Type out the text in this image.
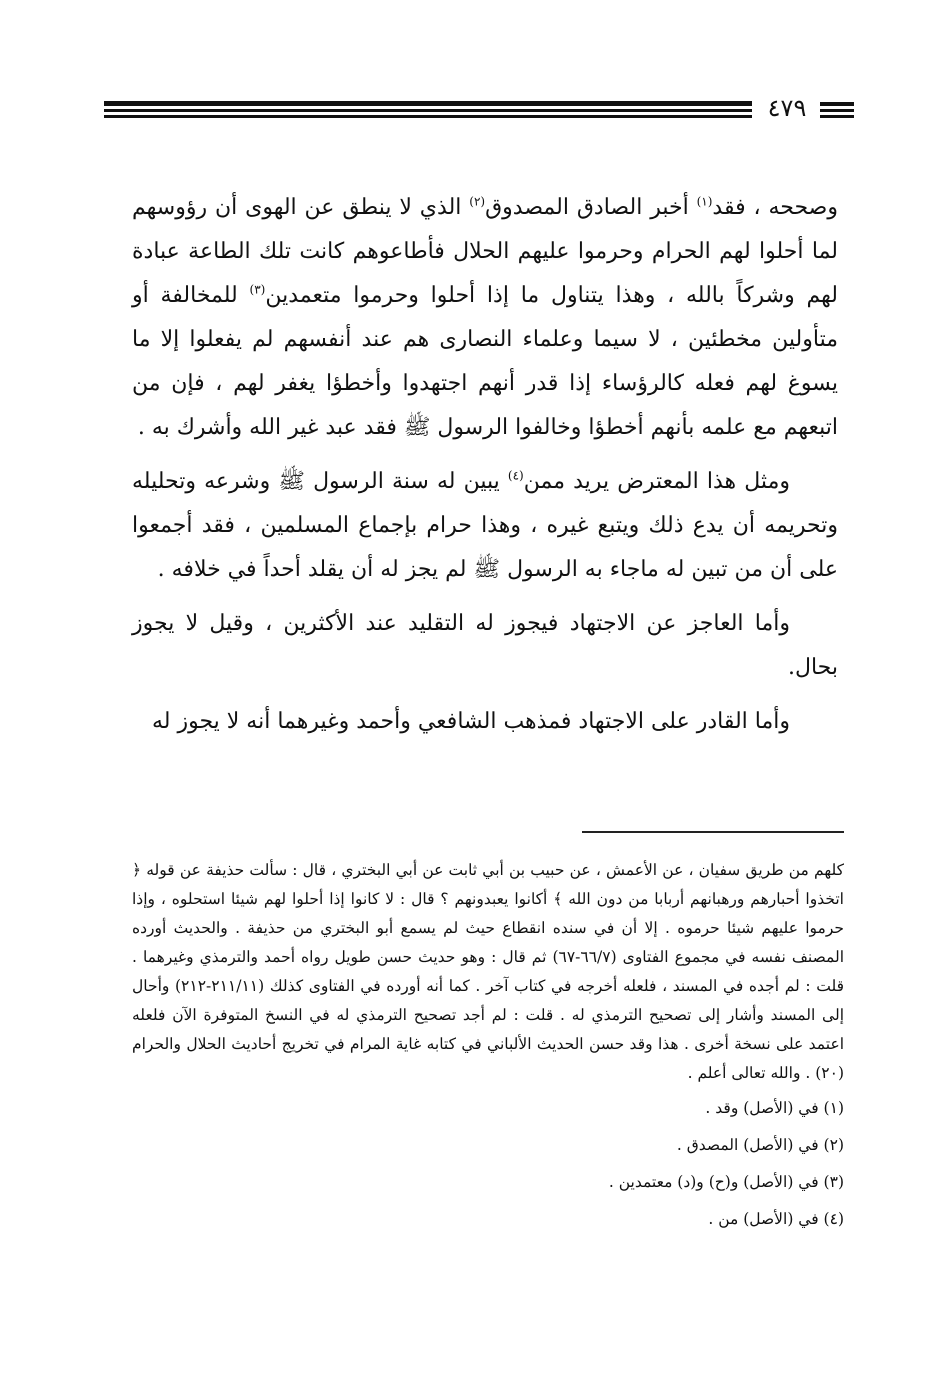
٤٧٩

وصححه ، فقد$^{(١)}$ أخبر الصادق المصدوق$^{(٢)}$ الذي لا ينطق عن الهوى أن رؤوسهم لما أحلوا لهم الحرام وحرموا عليهم الحلال فأطاعوهم كانت تلك الطاعة عبادة لهم وشركاً بالله ، وهذا يتناول ما إذا أحلوا وحرموا متعمدين$^{(٣)}$ للمخالفة أو متأولين مخطئين ، لا سيما وعلماء النصارى هم عند أنفسهم لم يفعلوا إلا ما يسوغ لهم فعله كالرؤساء إذا قدر أنهم اجتهدوا وأخطؤا يغفر لهم ، فإن من اتبعهم مع علمه بأنهم أخطؤا وخالفوا الرسول ﷺ فقد عبد غير الله وأشرك به .

ومثل هذا المعترض يريد ممن$^{(٤)}$ يبين له سنة الرسول ﷺ وشرعه وتحليله وتحريمه أن يدع ذلك ويتبع غيره ، وهذا حرام بإجماع المسلمين ، فقد أجمعوا على أن من تبين له ماجاء به الرسول ﷺ لم يجز له أن يقلد أحداً في خلافه .

وأما العاجز عن الاجتهاد فيجوز له التقليد عند الأكثرين ، وقيل لا يجوز بحال.

وأما القادر على الاجتهاد فمذهب الشافعي وأحمد وغيرهما أنه لا يجوز له

كلهم من طريق سفيان ، عن الأعمش ، عن حبيب بن أبي ثابت عن أبي البختري ، قال : سألت حذيفة عن قوله ﴿ اتخذوا أحبارهم ورهبانهم أربابا من دون الله ﴾ أكانوا يعبدونهم ؟ قال : لا كانوا إذا أحلوا لهم شيئا استحلوه ، وإذا حرموا عليهم شيئا حرموه . إلا أن في سنده انقطاع حيث لم يسمع أبو البختري من حذيفة . والحديث أورده المصنف نفسه في مجموع الفتاوى (٦٦/٧-٦٧) ثم قال : وهو حديث حسن طويل رواه أحمد والترمذي وغيرهما . قلت : لم أجده في المسند ، فلعله أخرجه في كتاب آخر . كما أنه أورده في الفتاوى كذلك (٢١١/١١-٢١٢) وأحال إلى المسند وأشار إلى تصحيح الترمذي له . قلت : لم أجد تصحيح الترمذي له في النسخ المتوفرة الآن فلعله اعتمد على نسخة أخرى . هذا وقد حسن الحديث الألباني في كتابه غاية المرام في تخريج أحاديث الحلال والحرام (٢٠) . والله تعالى أعلم .

(١) في (الأصل) وقد .

(٢) في (الأصل) المصدق .

(٣) في (الأصل) و(ح) و(د) معتمدين .

(٤) في (الأصل) من .
